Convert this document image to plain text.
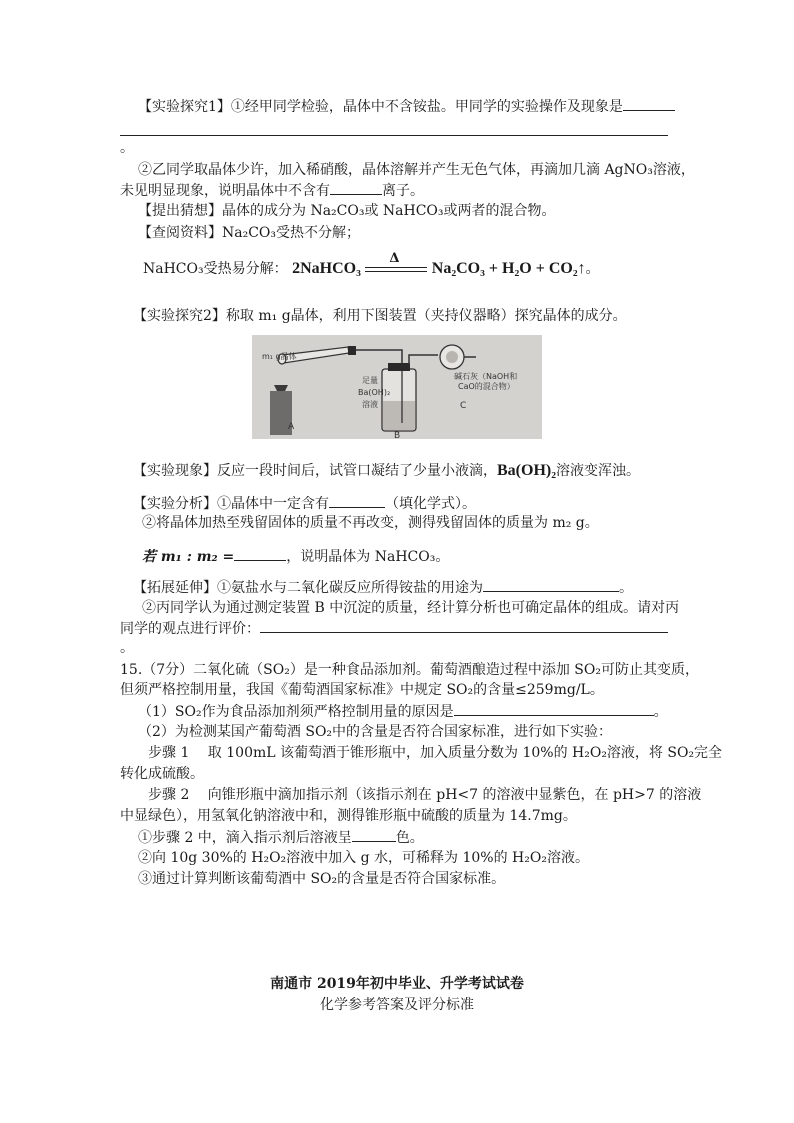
【实验探究1】①经甲同学检验，晶体中不含铵盐。甲同学的实验操作及现象是
。
②乙同学取晶体少许，加入稀硝酸，晶体溶解并产生无色气体，再滴加几滴 AgNO₃溶液，
未见明显现象，说明晶体中不含有	离子。
【提出猜想】晶体的成分为 Na₂CO₃或 NaHCO₃或两者的混合物。
【查阅资料】Na₂CO₃受热不分解；
NaHCO₃受热易分解： 2NaHCO₃
Δ
Na₂CO₃ + H₂O + CO₂↑。
【实验探究2】称取 m₁ g晶体，利用下图装置（夹持仪器略）探究晶体的成分。
m₁ g晶体
足量
Ba(OH)₂
溶液
碱石灰（NaOH和
CaO的混合物）
A
B
C
【实验现象】反应一段时间后，试管口凝结了少量小液滴，Ba(OH)₂溶液变浑浊。
【实验分析】①晶体中一定含有	（填化学式）。
②将晶体加热至残留固体的质量不再改变，测得残留固体的质量为 m₂ g。
若 m₁ : m₂ =	，说明晶体为 NaHCO₃。
【拓展延伸】①氨盐水与二氧化碳反应所得铵盐的用途为	。
②丙同学认为通过测定装置 B 中沉淀的质量，经计算分析也可确定晶体的组成。请对丙
同学的观点进行评价：
。
15.（7分）二氧化硫（SO₂）是一种食品添加剂。葡萄酒酿造过程中添加 SO₂可防止其变质，
但须严格控制用量，我国《葡萄酒国家标准》中规定 SO₂的含量≤259mg/L。
（1）SO₂作为食品添加剂须严格控制用量的原因是	。
（2）为检测某国产葡萄酒 SO₂中的含量是否符合国家标准，进行如下实验：
步骤 1　 取 100mL 该葡萄酒于锥形瓶中，加入质量分数为 10%的 H₂O₂溶液，将 SO₂完全
转化成硫酸。
步骤 2　 向锥形瓶中滴加指示剂（该指示剂在 pH<7 的溶液中显紫色，在 pH>7 的溶液
中显绿色），用氢氧化钠溶液中和，测得锥形瓶中硫酸的质量为 14.7mg。
①步骤 2 中，滴入指示剂后溶液呈	色。
②向 10g 30%的 H₂O₂溶液中加入 g 水，可稀释为 10%的 H₂O₂溶液。
③通过计算判断该葡萄酒中 SO₂的含量是否符合国家标准。
南通市 2019年初中毕业、升学考试试卷
化学参考答案及评分标准
